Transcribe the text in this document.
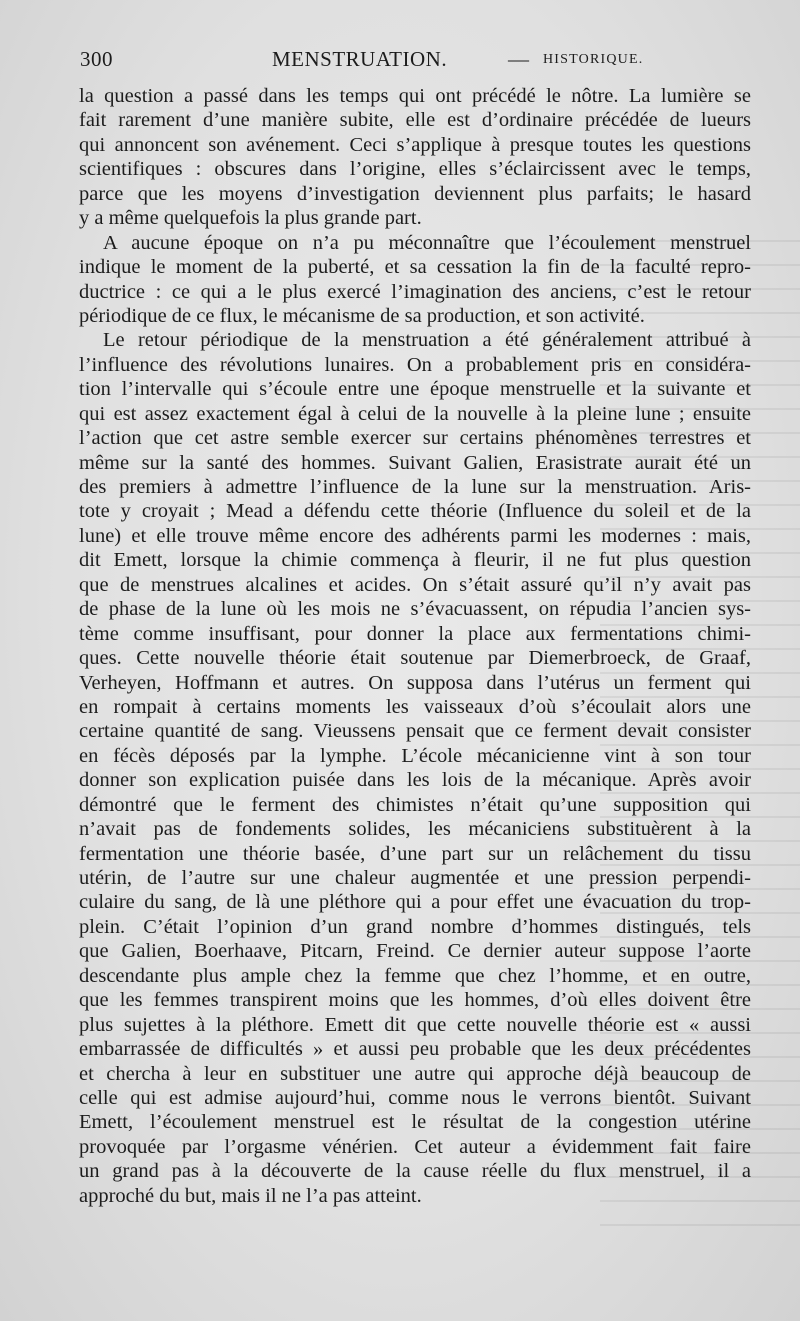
300	MENSTRUATION.	— HISTORIQUE.
la question a passé dans les temps qui ont précédé le nôtre. La lumière se
fait rarement d’une manière subite, elle est d’ordinaire précédée de lueurs
qui annoncent son avénement. Ceci s’applique à presque toutes les questions
scientifiques : obscures dans l’origine, elles s’éclaircissent avec le temps,
parce que les moyens d’investigation deviennent plus parfaits; le hasard
y a même quelquefois la plus grande part.
A aucune époque on n’a pu méconnaître que l’écoulement menstruel
indique le moment de la puberté, et sa cessation la fin de la faculté repro-
ductrice : ce qui a le plus exercé l’imagination des anciens, c’est le retour
périodique de ce flux, le mécanisme de sa production, et son activité.
Le retour périodique de la menstruation a été généralement attribué à
l’influence des révolutions lunaires. On a probablement pris en considéra-
tion l’intervalle qui s’écoule entre une époque menstruelle et la suivante et
qui est assez exactement égal à celui de la nouvelle à la pleine lune ; ensuite
l’action que cet astre semble exercer sur certains phénomènes terrestres et
même sur la santé des hommes. Suivant Galien, Erasistrate aurait été un
des premiers à admettre l’influence de la lune sur la menstruation. Aris-
tote y croyait ; Mead a défendu cette théorie (Influence du soleil et de la
lune) et elle trouve même encore des adhérents parmi les modernes : mais,
dit Emett, lorsque la chimie commença à fleurir, il ne fut plus question
que de menstrues alcalines et acides. On s’était assuré qu’il n’y avait pas
de phase de la lune où les mois ne s’évacuassent, on répudia l’ancien sys-
tème comme insuffisant, pour donner la place aux fermentations chimi-
ques. Cette nouvelle théorie était soutenue par Diemerbroeck, de Graaf,
Verheyen, Hoffmann et autres. On supposa dans l’utérus un ferment qui
en rompait à certains moments les vaisseaux d’où s’écoulait alors une
certaine quantité de sang. Vieussens pensait que ce ferment devait consister
en fécès déposés par la lymphe. L’école mécanicienne vint à son tour
donner son explication puisée dans les lois de la mécanique. Après avoir
démontré que le ferment des chimistes n’était qu’une supposition qui
n’avait pas de fondements solides, les mécaniciens substituèrent à la
fermentation une théorie basée, d’une part sur un relâchement du tissu
utérin, de l’autre sur une chaleur augmentée et une pression perpendi-
culaire du sang, de là une pléthore qui a pour effet une évacuation du trop-
plein. C’était l’opinion d’un grand nombre d’hommes distingués, tels
que Galien, Boerhaave, Pitcarn, Freind. Ce dernier auteur suppose l’aorte
descendante plus ample chez la femme que chez l’homme, et en outre,
que les femmes transpirent moins que les hommes, d’où elles doivent être
plus sujettes à la pléthore. Emett dit que cette nouvelle théorie est « aussi
embarrassée de difficultés » et aussi peu probable que les deux précédentes
et chercha à leur en substituer une autre qui approche déjà beaucoup de
celle qui est admise aujourd’hui, comme nous le verrons bientôt. Suivant
Emett, l’écoulement menstruel est le résultat de la congestion utérine
provoquée par l’orgasme vénérien. Cet auteur a évidemment fait faire
un grand pas à la découverte de la cause réelle du flux menstruel, il a
approché du but, mais il ne l’a pas atteint.
